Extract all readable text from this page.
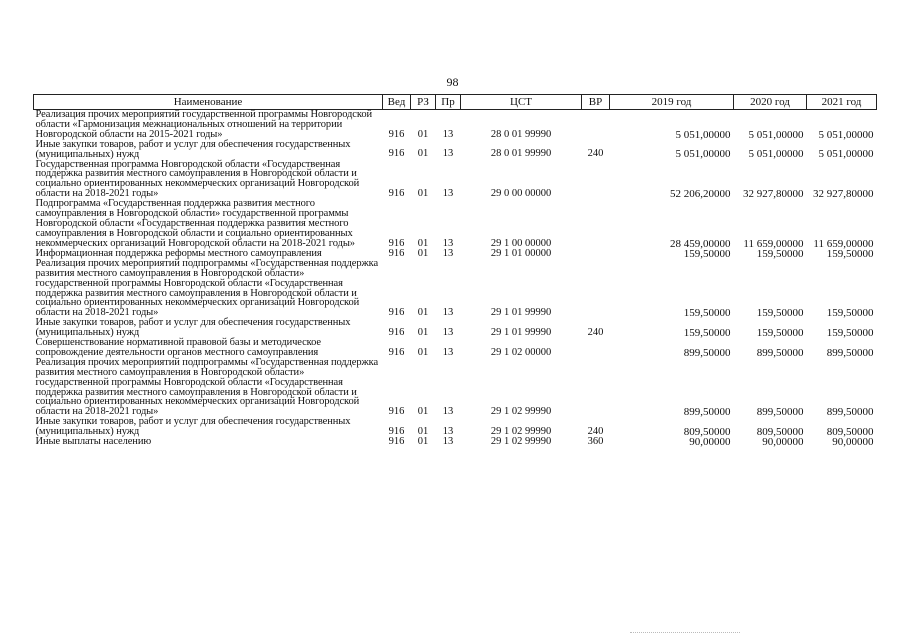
98
Наименование	Вед	РЗ	Пр	ЦСТ	ВР	2019 год	2020 год	2021 год
Реализация прочих мероприятий государственной программы Новгородской области «Гармонизация межнациональных отношений на территории Новгородской области на 2015-2021 годы»	916	01	13	28 0 01 99990		5 051,00000	5 051,00000	5 051,00000
Иные закупки товаров, работ и услуг для обеспечения государственных (муниципальных) нужд	916	01	13	28 0 01 99990	240	5 051,00000	5 051,00000	5 051,00000
Государственная программа Новгородской области «Государственная поддержка развития местного самоуправления в Новгородской области и социально ориентированных некоммерческих организаций Новгородской области на 2018-2021 годы»	916	01	13	29 0 00 00000		52 206,20000	32 927,80000	32 927,80000
Подпрограмма «Государственная поддержка развития местного самоуправления в Новгородской области» государственной программы Новгородской области «Государственная поддержка развития местного самоуправления в Новгородской области и социально ориентированных некоммерческих организаций Новгородской области на 2018-2021 годы»	916	01	13	29 1 00 00000		28 459,00000	11 659,00000	11 659,00000
Информационная поддержка реформы местного самоуправления	916	01	13	29 1 01 00000		159,50000	159,50000	159,50000
Реализация прочих мероприятий подпрограммы «Государственная поддержка развития местного самоуправления в Новгородской области» государственной программы Новгородской области «Государственная поддержка развития местного самоуправления в Новгородской области и социально ориентированных некоммерческих организаций Новгородской области на 2018-2021 годы»	916	01	13	29 1 01 99990		159,50000	159,50000	159,50000
Иные закупки товаров, работ и услуг для обеспечения государственных (муниципальных) нужд	916	01	13	29 1 01 99990	240	159,50000	159,50000	159,50000
Совершенствование нормативной правовой базы и методическое сопровождение деятельности органов местного самоуправления	916	01	13	29 1 02 00000		899,50000	899,50000	899,50000
Реализация прочих мероприятий подпрограммы «Государственная поддержка развития местного самоуправления в Новгородской области» государственной программы Новгородской области «Государственная поддержка развития местного самоуправления в Новгородской области и социально ориентированных некоммерческих организаций Новгородской области на 2018-2021 годы»	916	01	13	29 1 02 99990		899,50000	899,50000	899,50000
Иные закупки товаров, работ и услуг для обеспечения государственных (муниципальных) нужд	916	01	13	29 1 02 99990	240	809,50000	809,50000	809,50000
Иные выплаты населению	916	01	13	29 1 02 99990	360	90,00000	90,00000	90,00000
